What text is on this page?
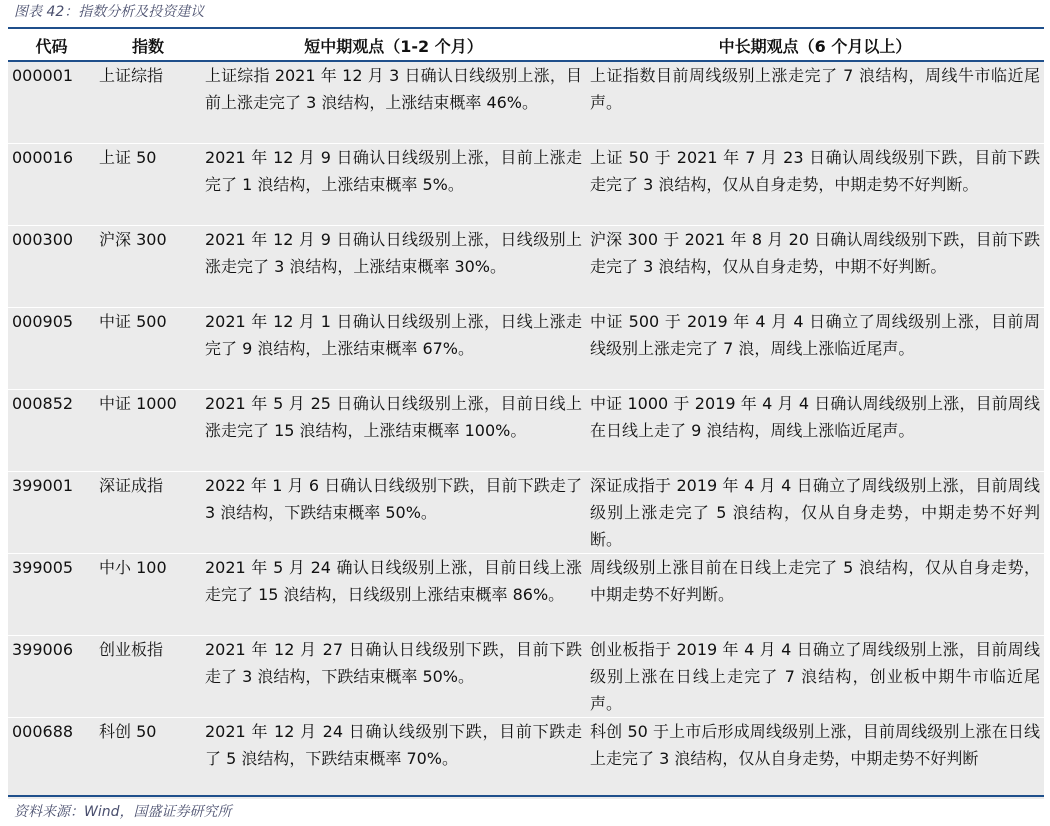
图表 42：指数分析及投资建议
代码	指数	短中期观点（1-2 个月）	中长期观点（6 个月以上）
000001	上证综指	上证综指 2021 年 12 月 3 日确认日线级别上涨，目前上涨走完了 3 浪结构，上涨结束概率 46%。	上证指数目前周线级别上涨走完了 7 浪结构，周线牛市临近尾声。
000016	上证 50	2021 年 12 月 9 日确认日线级别上涨，目前上涨走完了 1 浪结构，上涨结束概率 5%。	上证 50 于 2021 年 7 月 23 日确认周线级别下跌，目前下跌走完了 3 浪结构，仅从自身走势，中期走势不好判断。
000300	沪深 300	2021 年 12 月 9 日确认日线级别上涨，日线级别上涨走完了 3 浪结构，上涨结束概率 30%。	沪深 300 于 2021 年 8 月 20 日确认周线级别下跌，目前下跌走完了 3 浪结构，仅从自身走势，中期不好判断。
000905	中证 500	2021 年 12 月 1 日确认日线级别上涨，日线上涨走完了 9 浪结构，上涨结束概率 67%。	中证 500 于 2019 年 4 月 4 日确立了周线级别上涨，目前周线级别上涨走完了 7 浪，周线上涨临近尾声。
000852	中证 1000	2021 年 5 月 25 日确认日线级别上涨，目前日线上涨走完了 15 浪结构，上涨结束概率 100%。	中证 1000 于 2019 年 4 月 4 日确认周线级别上涨，目前周线在日线上走了 9 浪结构，周线上涨临近尾声。
399001	深证成指	2022 年 1 月 6 日确认日线级别下跌，目前下跌走了 3 浪结构，下跌结束概率 50%。	深证成指于 2019 年 4 月 4 日确立了周线级别上涨，目前周线级别上涨走完了 5 浪结构，仅从自身走势，中期走势不好判断。
399005	中小 100	2021 年 5 月 24 确认日线级别上涨，目前日线上涨走完了 15 浪结构，日线级别上涨结束概率 86%。	周线级别上涨目前在日线上走完了 5 浪结构，仅从自身走势，中期走势不好判断。
399006	创业板指	2021 年 12 月 27 日确认日线级别下跌，目前下跌走了 3 浪结构，下跌结束概率 50%。	创业板指于 2019 年 4 月 4 日确立了周线级别上涨，目前周线级别上涨在日线上走完了 7 浪结构，创业板中期牛市临近尾声。
000688	科创 50	2021 年 12 月 24 日确认线级别下跌，目前下跌走了 5 浪结构，下跌结束概率 70%。	科创 50 于上市后形成周线级别上涨，目前周线级别上涨在日线上走完了 3 浪结构，仅从自身走势，中期走势不好判断
资料来源：Wind，国盛证券研究所
